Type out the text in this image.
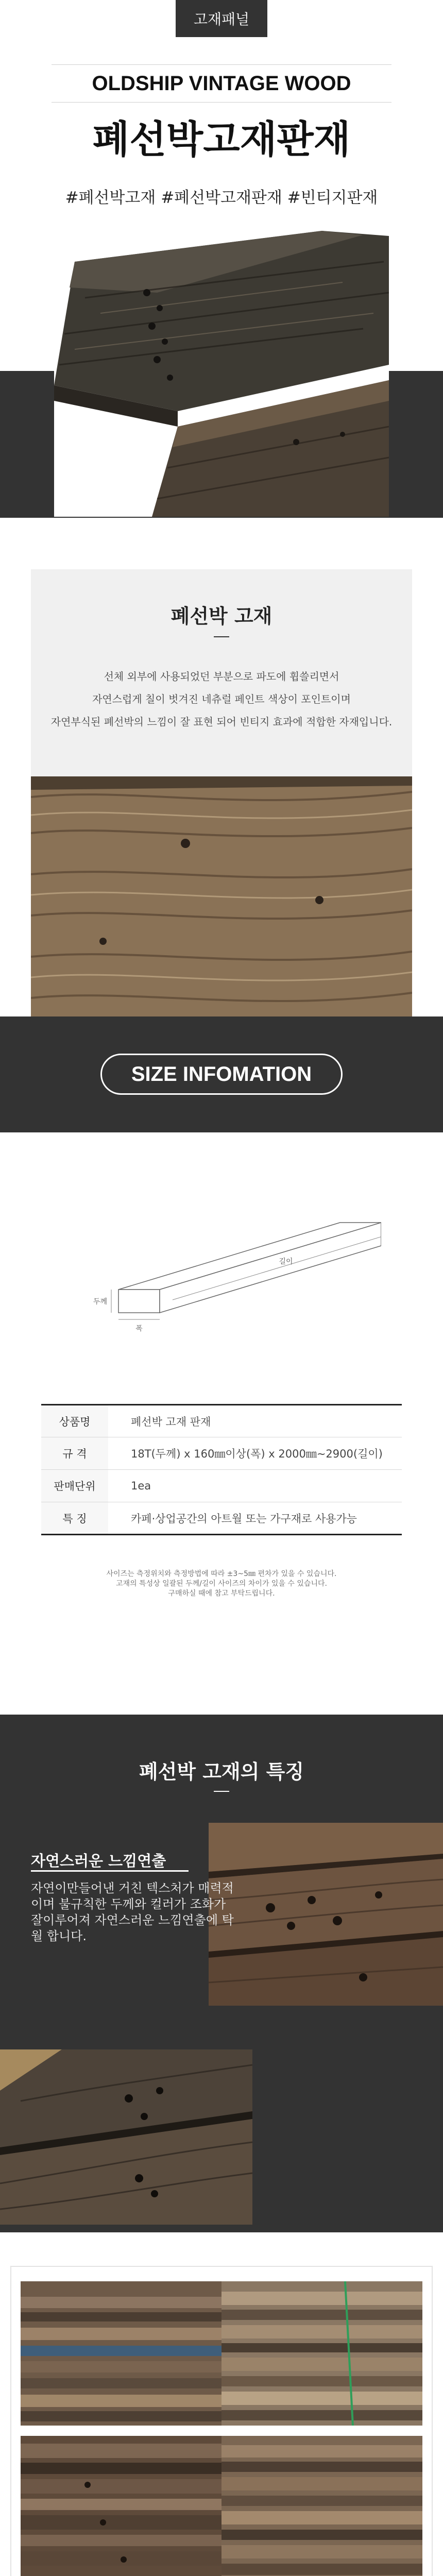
고재패널
OLDSHIP VINTAGE WOOD
폐선박고재판재
#폐선박고재 #폐선박고재판재 #빈티지판재
폐선박 고재
선체 외부에 사용되었던 부분으로 파도에 휩쓸리면서
자연스럽게 칠이 벗겨진 네츄럴 페인트 색상이 포인트이며
자연부식된 폐선박의 느낌이 잘 표현 되어 빈티지 효과에 적합한 자재입니다.
SIZE INFOMATION
두께
폭
길이
상품명	폐선박 고재 판재
규 격	18T(두께) x 160㎜이상(폭) x 2000㎜~2900(길이)
판매단위	1ea
특 징	카페·상업공간의 아트월 또는 가구재로 사용가능
사이즈는 측정위치와 측정방법에 따라 ±3~5㎜ 편차가 있을 수 있습니다.
고재의 특성상 일괄된 두께/길이 사이즈의 차이가 있을 수 있습니다.
구매하실 때에 참고 부탁드립니다.
폐선박 고재의 특징
자연스러운 느낌연출
자연이만들어낸 거친 텍스처가 매력적이며 불규칙한 두께와 컬러가 조화가 잘이루어져 자연스러운 느낌연출에 탁월 합니다.
